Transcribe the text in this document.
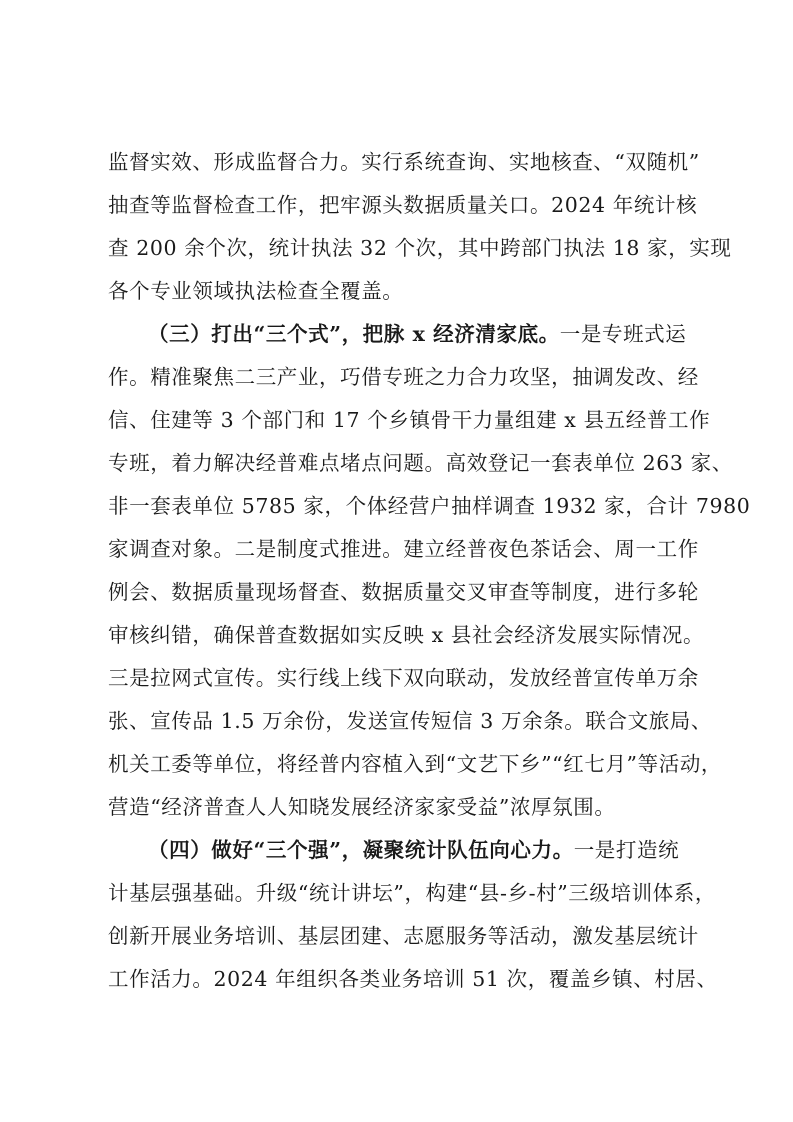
监督实效、形成监督合力。实行系统查询、实地核查、“双随机”
抽查等监督检查工作，把牢源头数据质量关口。2024 年统计核
查 200 余个次，统计执法 32 个次，其中跨部门执法 18 家，实现
各个专业领域执法检查全覆盖。
（三）打出“三个式”，把脉 x 经济清家底。一是专班式运
作。精准聚焦二三产业，巧借专班之力合力攻坚，抽调发改、经
信、住建等 3 个部门和 17 个乡镇骨干力量组建 x 县五经普工作
专班，着力解决经普难点堵点问题。高效登记一套表单位 263 家、
非一套表单位 5785 家，个体经营户抽样调查 1932 家，合计 7980
家调查对象。二是制度式推进。建立经普夜色茶话会、周一工作
例会、数据质量现场督查、数据质量交叉审查等制度，进行多轮
审核纠错，确保普查数据如实反映 x 县社会经济发展实际情况。
三是拉网式宣传。实行线上线下双向联动，发放经普宣传单万余
张、宣传品 1.5 万余份，发送宣传短信 3 万余条。联合文旅局、
机关工委等单位，将经普内容植入到“文艺下乡”“红七月”等活动，
营造“经济普查人人知晓发展经济家家受益”浓厚氛围。
（四）做好“三个强”，凝聚统计队伍向心力。一是打造统
计基层强基础。升级“统计讲坛”，构建“县-乡-村”三级培训体系，
创新开展业务培训、基层团建、志愿服务等活动，激发基层统计
工作活力。2024 年组织各类业务培训 51 次，覆盖乡镇、村居、
